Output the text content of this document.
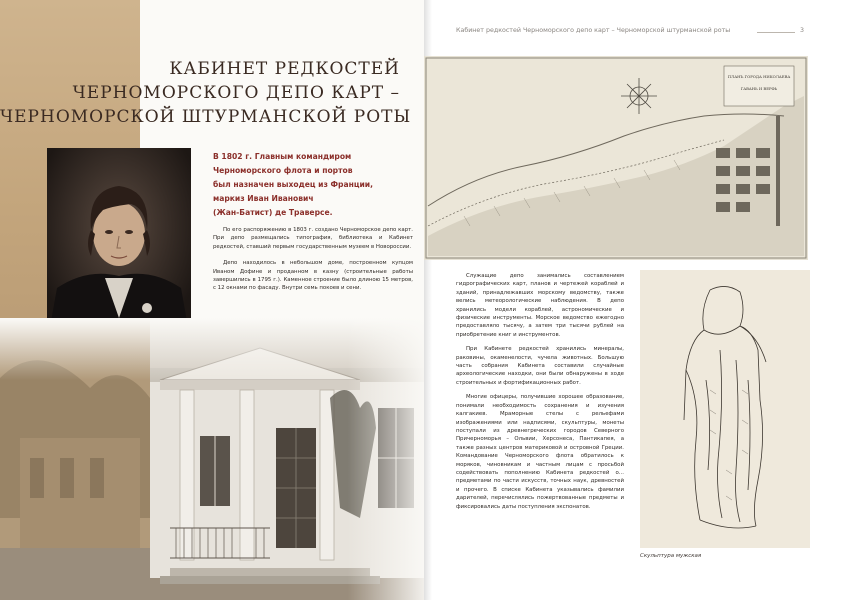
КАБИНЕТ РЕДКОСТЕЙ
ЧЕРНОМОРСКОГО ДЕПО КАРТ –
ЧЕРНОМОРСКОЙ ШТУРМАНСКОЙ РОТЫ

В 1802 г. Главным командиром

Черноморского флота и портов

был назначен выходец из Франции,

маркиз Иван Иванович

(Жан-Батист) де Траверсе.

По его распоряжению в 1803 г. создано Черноморское депо карт. При депо размещались типография, библиотека и Кабинет редкостей, ставший первым государственным музеем в Новороссии.

Депо находилось в небольшом доме, построенном купцом Иваном Дофине и проданном в казну (строительные работы завершились в 1795 г.). Каменное строение было длиною 15 метров, с 12 окнами по фасаду. Внутри семь покоев и сени.

Кабинет редкостей Черноморского депо карт – Черноморской штурманской роты	3
ПЛАНЪ ГОРОДА НИКОЛАЕВА
ГАВАНЬ И ВЕРФЬ

Служащие депо занимались составлением гидрографических карт, планов и чертежей кораблей и зданий, принадлежавших морскому ведомству, также велись метеорологические наблюдения. В депо хранились модели кораблей, астрономические и физические инструменты. Морское ведомство ежегодно предоставляло тысячу, а затем три тысячи рублей на приобретение книг и инструментов.

При Кабинете редкостей хранились минералы, раковины, окаменелости, чучела животных. Большую часть собрания Кабинета составили случайные археологические находки, они были обнаружены в ходе строительных и фортификационных работ.

Многие офицеры, получившие хорошее образование, понимали необходимость сохранения и изучения калгакиев. Мраморные стелы с рельефами изображениями или надписями, скульптуры, монеты поступали из древнегреческих городов Северного Причерноморья – Ольвии, Херсонеса, Пантикапея, а также разных центров материковой и островной Греции. Командование Черноморского флота обратилось к моряков, чиновникам и частным лицам с просьбой содействовать пополнению Кабинета редкостей о... предметами по части искусств, точных наук, древностей и прочего. В списке Кабинета указывались фамилии дарителей, перечислялись пожертвованные предметы и фиксировались даты поступления экспонатов.

Скульптура мужская
